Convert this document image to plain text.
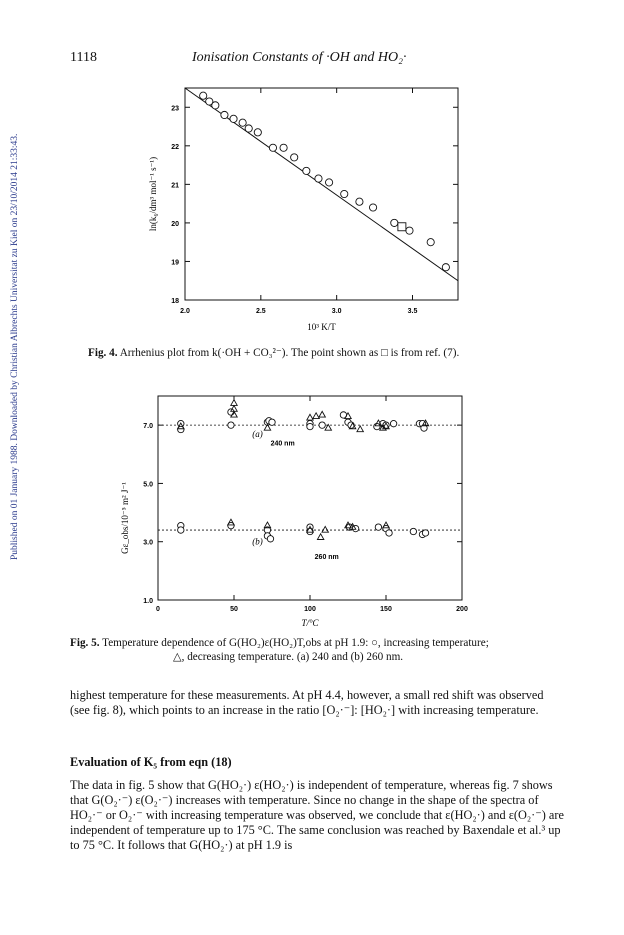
Published on 01 January 1988. Downloaded by Christian Albrechts Universitat zu Kiel on 23/10/2014 21:33:43.
1118	Ionisation Constants of ·OH and HO₂·
2.0	2.5	3.0	3.5
18
19
20
21
22
23
10³ K/T
ln(k₆/dm³ mol⁻¹ s⁻¹)
Fig. 4. Arrhenius plot from k(·OH + CO₃²⁻). The point shown as □ is from ref. (7).
0	50	100	150	200
1.0
3.0
5.0
7.0
(a)
(b)
240 nm
260 nm
T/°C
Gε_obs/10⁻⁵ m² J⁻¹
Fig. 5. Temperature dependence of G(HO₂)ε(HO₂)T,obs at pH 1.9: ○, increasing temperature;
△, decreasing temperature. (a) 240 and (b) 260 nm.
highest temperature for these measurements. At pH 4.4, however, a small red shift was observed (see fig. 8), which points to an increase in the ratio [O₂·⁻]: [HO₂·] with increasing temperature.
Evaluation of K₅ from eqn (18)
The data in fig. 5 show that G(HO₂·) ε(HO₂·) is independent of temperature, whereas fig. 7 shows that G(O₂·⁻) ε(O₂·⁻) increases with temperature. Since no change in the shape of the spectra of HO₂·⁻ or O₂·⁻ with increasing temperature was observed, we conclude that ε(HO₂·) and ε(O₂·⁻) are independent of temperature up to 175 °C. The same conclusion was reached by Baxendale et al.³ up to 75 °C. It follows that G(HO₂·) at pH 1.9 is
